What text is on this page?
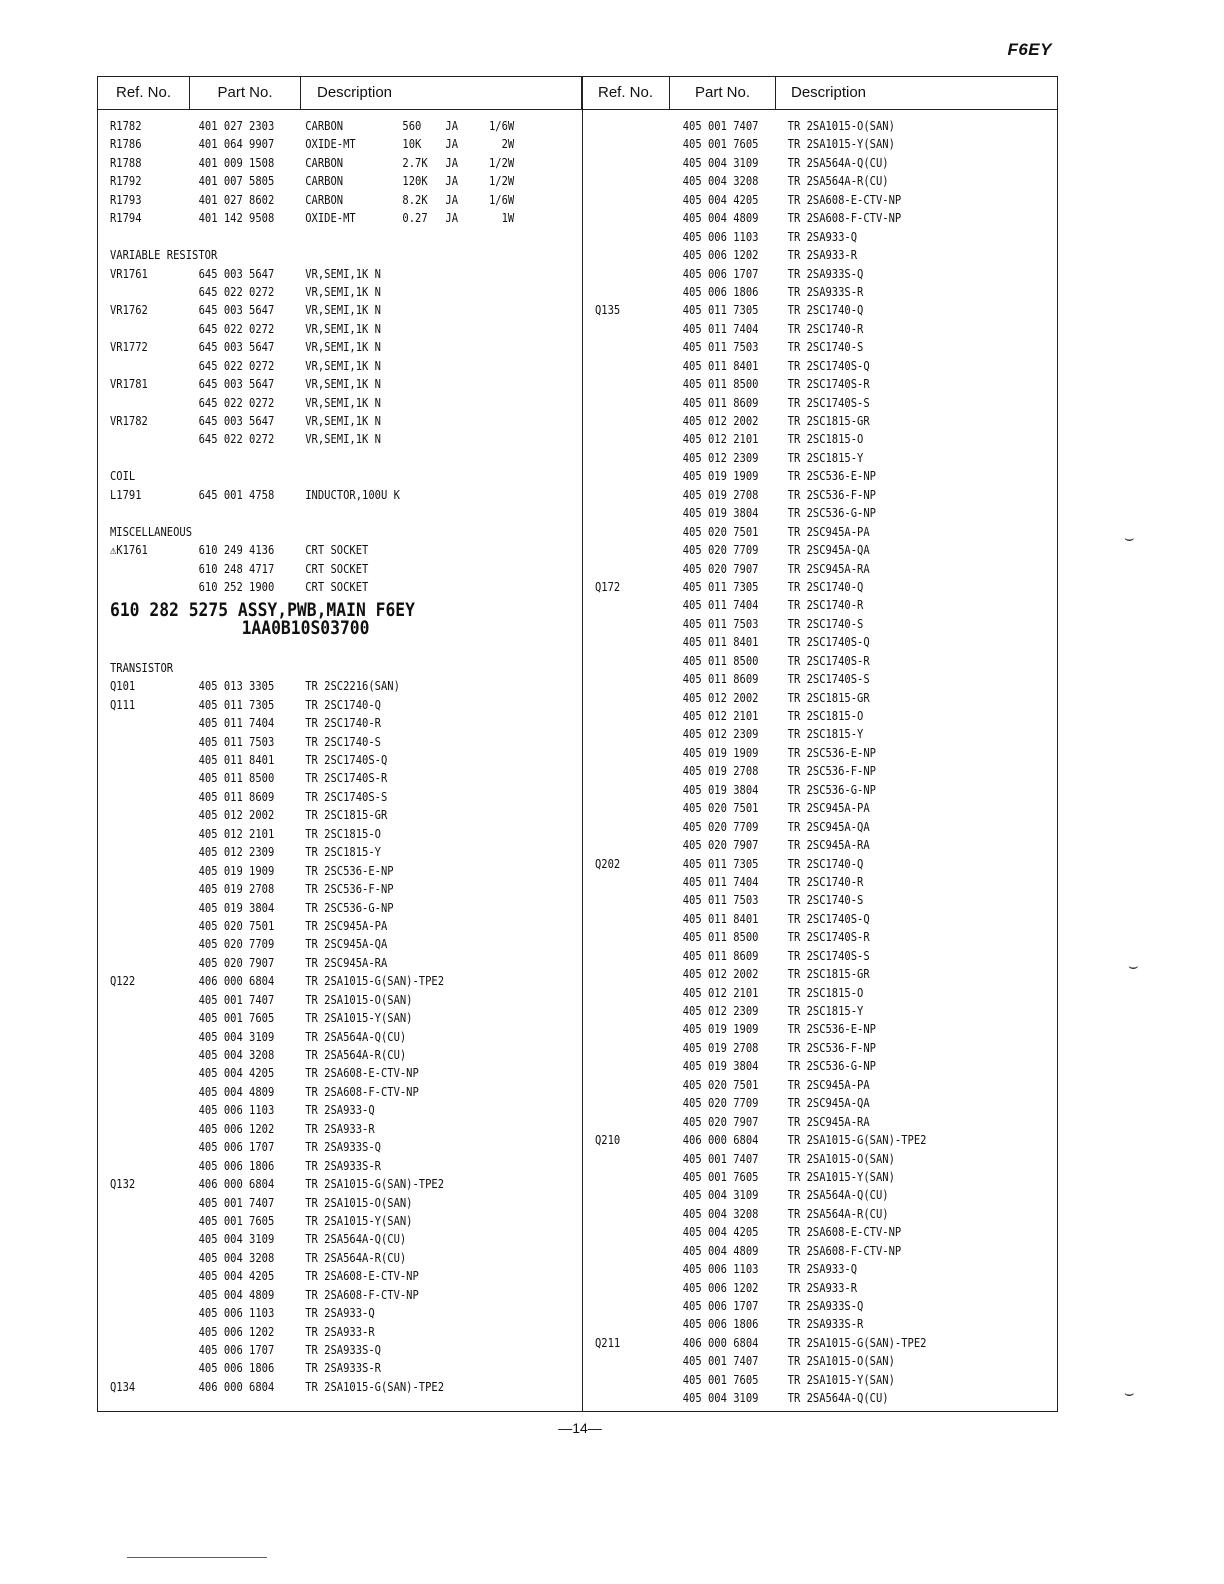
F6EY
Ref. No.	Part No.	Description	Ref. No.	Part No.	Description
R1782	401 027 2303	CARBON	560 JA	1/6W
R1786	401 064 9907	OXIDE-MT	10K JA	2W
R1788	401 009 1508	CARBON	2.7K JA	1/2W
R1792	401 007 5805	CARBON	120K JA	1/2W
R1793	401 027 8602	CARBON	8.2K JA	1/6W
R1794	401 142 9508	OXIDE-MT	0.27 JA	1W
VARIABLE RESISTOR
VR1761	645 003 5647	VR,SEMI,1K N
645 022 0272	VR,SEMI,1K N
VR1762	645 003 5647	VR,SEMI,1K N
645 022 0272	VR,SEMI,1K N
VR1772	645 003 5647	VR,SEMI,1K N
645 022 0272	VR,SEMI,1K N
VR1781	645 003 5647	VR,SEMI,1K N
645 022 0272	VR,SEMI,1K N
VR1782	645 003 5647	VR,SEMI,1K N
645 022 0272	VR,SEMI,1K N
COIL
L1791	645 001 4758	INDUCTOR,100U K
MISCELLANEOUS
⚠K1761	610 249 4136	CRT SOCKET
610 248 4717	CRT SOCKET
610 252 1900	CRT SOCKET
610 282 5275 ASSY,PWB,MAIN F6EY
1AA0B10S03700
TRANSISTOR
Q101	405 013 3305	TR 2SC2216(SAN)
Q111	405 011 7305	TR 2SC1740-Q
405 011 7404	TR 2SC1740-R
405 011 7503	TR 2SC1740-S
405 011 8401	TR 2SC1740S-Q
405 011 8500	TR 2SC1740S-R
405 011 8609	TR 2SC1740S-S
405 012 2002	TR 2SC1815-GR
405 012 2101	TR 2SC1815-O
405 012 2309	TR 2SC1815-Y
405 019 1909	TR 2SC536-E-NP
405 019 2708	TR 2SC536-F-NP
405 019 3804	TR 2SC536-G-NP
405 020 7501	TR 2SC945A-PA
405 020 7709	TR 2SC945A-QA
405 020 7907	TR 2SC945A-RA
Q122	406 000 6804	TR 2SA1015-G(SAN)-TPE2
405 001 7407	TR 2SA1015-O(SAN)
405 001 7605	TR 2SA1015-Y(SAN)
405 004 3109	TR 2SA564A-Q(CU)
405 004 3208	TR 2SA564A-R(CU)
405 004 4205	TR 2SA608-E-CTV-NP
405 004 4809	TR 2SA608-F-CTV-NP
405 006 1103	TR 2SA933-Q
405 006 1202	TR 2SA933-R
405 006 1707	TR 2SA933S-Q
405 006 1806	TR 2SA933S-R
Q132	406 000 6804	TR 2SA1015-G(SAN)-TPE2
405 001 7407	TR 2SA1015-O(SAN)
405 001 7605	TR 2SA1015-Y(SAN)
405 004 3109	TR 2SA564A-Q(CU)
405 004 3208	TR 2SA564A-R(CU)
405 004 4205	TR 2SA608-E-CTV-NP
405 004 4809	TR 2SA608-F-CTV-NP
405 006 1103	TR 2SA933-Q
405 006 1202	TR 2SA933-R
405 006 1707	TR 2SA933S-Q
405 006 1806	TR 2SA933S-R
Q134	406 000 6804	TR 2SA1015-G(SAN)-TPE2
405 001 7407 TR 2SA1015-O(SAN)
405 001 7605 TR 2SA1015-Y(SAN)
405 004 3109 TR 2SA564A-Q(CU)
405 004 3208 TR 2SA564A-R(CU)
405 004 4205 TR 2SA608-E-CTV-NP
405 004 4809 TR 2SA608-F-CTV-NP
405 006 1103 TR 2SA933-Q
405 006 1202 TR 2SA933-R
405 006 1707 TR 2SA933S-Q
405 006 1806 TR 2SA933S-R
Q135	405 011 7305 TR 2SC1740-Q
405 011 7404 TR 2SC1740-R
405 011 7503 TR 2SC1740-S
405 011 8401 TR 2SC1740S-Q
405 011 8500 TR 2SC1740S-R
405 011 8609 TR 2SC1740S-S
405 012 2002 TR 2SC1815-GR
405 012 2101 TR 2SC1815-O
405 012 2309 TR 2SC1815-Y
405 019 1909 TR 2SC536-E-NP
405 019 2708 TR 2SC536-F-NP
405 019 3804 TR 2SC536-G-NP
405 020 7501 TR 2SC945A-PA
405 020 7709 TR 2SC945A-QA
405 020 7907 TR 2SC945A-RA
Q172	405 011 7305 TR 2SC1740-Q
405 011 7404 TR 2SC1740-R
405 011 7503 TR 2SC1740-S
405 011 8401 TR 2SC1740S-Q
405 011 8500 TR 2SC1740S-R
405 011 8609 TR 2SC1740S-S
405 012 2002 TR 2SC1815-GR
405 012 2101 TR 2SC1815-O
405 012 2309 TR 2SC1815-Y
405 019 1909 TR 2SC536-E-NP
405 019 2708 TR 2SC536-F-NP
405 019 3804 TR 2SC536-G-NP
405 020 7501 TR 2SC945A-PA
405 020 7709 TR 2SC945A-QA
405 020 7907 TR 2SC945A-RA
Q202	405 011 7305 TR 2SC1740-Q
405 011 7404 TR 2SC1740-R
405 011 7503 TR 2SC1740-S
405 011 8401 TR 2SC1740S-Q
405 011 8500 TR 2SC1740S-R
405 011 8609 TR 2SC1740S-S
405 012 2002 TR 2SC1815-GR
405 012 2101 TR 2SC1815-O
405 012 2309 TR 2SC1815-Y
405 019 1909 TR 2SC536-E-NP
405 019 2708 TR 2SC536-F-NP
405 019 3804 TR 2SC536-G-NP
405 020 7501 TR 2SC945A-PA
405 020 7709 TR 2SC945A-QA
405 020 7907 TR 2SC945A-RA
Q210	406 000 6804 TR 2SA1015-G(SAN)-TPE2
405 001 7407 TR 2SA1015-O(SAN)
405 001 7605 TR 2SA1015-Y(SAN)
405 004 3109 TR 2SA564A-Q(CU)
405 004 3208 TR 2SA564A-R(CU)
405 004 4205 TR 2SA608-E-CTV-NP
405 004 4809 TR 2SA608-F-CTV-NP
405 006 1103 TR 2SA933-Q
405 006 1202 TR 2SA933-R
405 006 1707 TR 2SA933S-Q
405 006 1806 TR 2SA933S-R
Q211	406 000 6804 TR 2SA1015-G(SAN)-TPE2
405 001 7407 TR 2SA1015-O(SAN)
405 001 7605 TR 2SA1015-Y(SAN)
405 004 3109 TR 2SA564A-Q(CU)
—14—
⌣
⌣
⌣
